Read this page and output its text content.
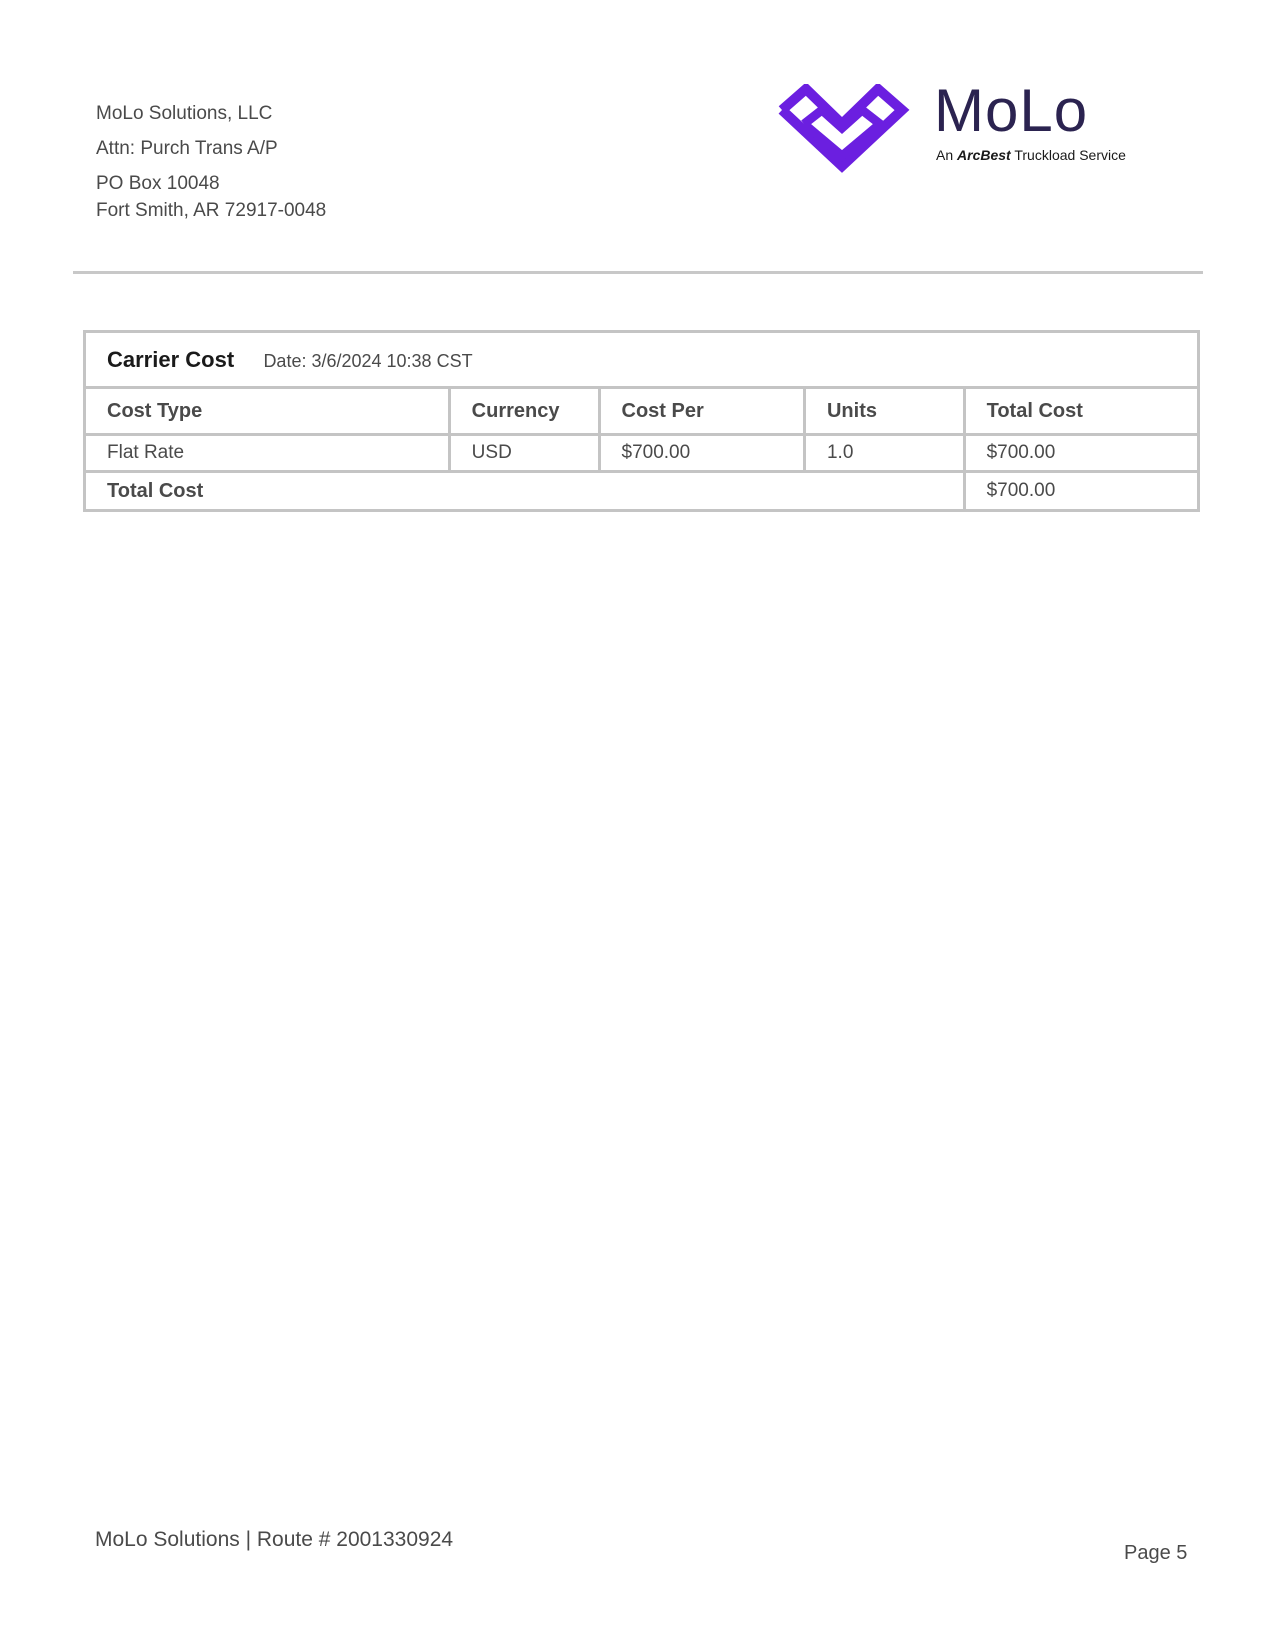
MoLo Solutions, LLC
Attn: Purch Trans A/P
PO Box 10048
Fort Smith, AR 72917-0048
MoLo
An ArcBest Truckload Service
Carrier Cost Date: 3/6/2024 10:38 CST				
Cost Type	Currency	Cost Per	Units	Total Cost
Flat Rate	USD	$700.00	1.0	$700.00
Total Cost				$700.00
MoLo Solutions | Route # 2001330924
Page 5
